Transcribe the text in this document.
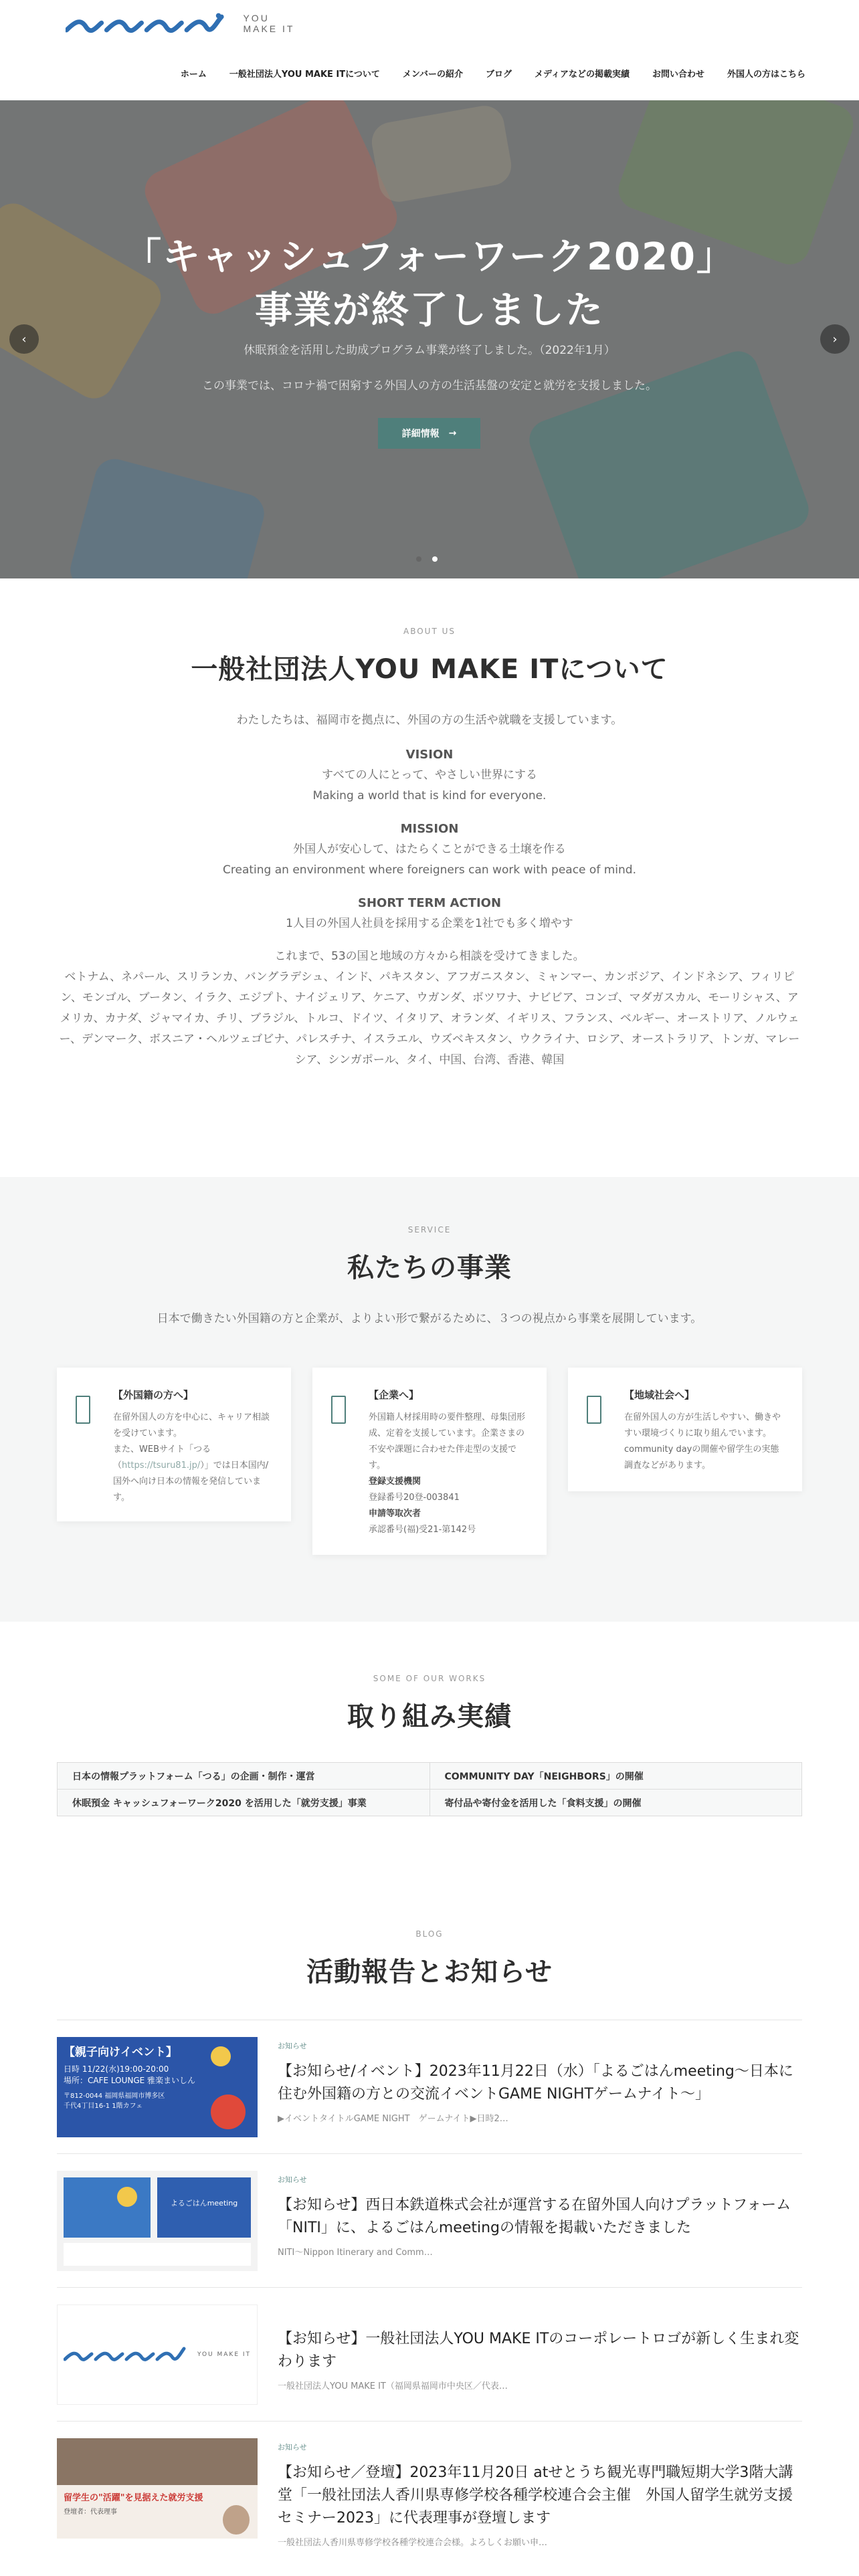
YOU MAKE IT
ホーム	一般社団法人YOU MAKE ITについて	メンバーの紹介	ブログ	メディアなどの掲載実績	お問い合わせ	外国人の方はこちら
「キャッシュフォーワーク2020」
事業が終了しました
休眠預金を活用した助成プログラム事業が終了しました。（2022年1月）
この事業では、コロナ禍で困窮する外国人の方の生活基盤の安定と就労を支援しました。
詳細情報 →
‹	›
ABOUT US
一般社団法人YOU MAKE ITについて
わたしたちは、福岡市を拠点に、外国の方の生活や就職を支援しています。
VISION
すべての人にとって、やさしい世界にする
Making a world that is kind for everyone.
MISSION
外国人が安心して、はたらくことができる土壌を作る
Creating an environment where foreigners can work with peace of mind.
SHORT TERM ACTION
1人目の外国人社員を採用する企業を1社でも多く増やす
これまで、53の国と地域の方々から相談を受けてきました。
ベトナム、ネパール、スリランカ、バングラデシュ、インド、パキスタン、アフガニスタン、ミャンマー、カンボジア、インドネシア、フィリピン、モンゴル、ブータン、イラク、エジプト、ナイジェリア、ケニア、ウガンダ、ボツワナ、ナビビア、コンゴ、マダガスカル、モーリシャス、アメリカ、カナダ、ジャマイカ、チリ、ブラジル、トルコ、ドイツ、イタリア、オランダ、イギリス、フランス、ベルギー、オーストリア、ノルウェー、デンマーク、ボスニア・ヘルツェゴビナ、パレスチナ、イスラエル、ウズベキスタン、ウクライナ、ロシア、オーストラリア、トンガ、マレーシア、シンガポール、タイ、中国、台湾、香港、韓国
SERVICE
私たちの事業
日本で働きたい外国籍の方と企業が、よりよい形で繋がるために、３つの視点から事業を展開しています。
【外国籍の方へ】
在留外国人の方を中心に、キャリア相談を受けています。
また、WEBサイト「つる（https://tsuru81.jp/）」では日本国内/国外へ向け日本の情報を発信しています。
【企業へ】
外国籍人材採用時の要件整理、母集団形成、定着を支援しています。企業さまの不安や課題に合わせた伴走型の支援です。
登録支援機関
登録番号20登-003841
申請等取次者
承認番号(福)受21-第142号
【地域社会へ】
在留外国人の方が生活しやすい、働きやすい環境づくりに取り組んでいます。community dayの開催や留学生の実態調査などがあります。
SOME OF OUR WORKS
取り組み実績
日本の情報プラットフォーム「つる」の企画・制作・運営	COMMUNITY DAY「NEIGHBORS」の開催
休眠預金 キャッシュフォーワーク2020 を活用した「就労支援」事業	寄付品や寄付金を活用した「食料支援」の開催
BLOG
活動報告とお知らせ
【親子向けイベント】
日時 11/22(水)19:00-20:00
場所：CAFE LOUNGE 雅楽まいしん
〒812-0044 福岡県福岡市博多区
千代4丁目16-1 1階カフェ
お知らせ
【お知らせ/イベント】2023年11月22日（水）「よるごはんmeeting〜日本に住む外国籍の方との交流イベントGAME NIGHTゲームナイト〜」
▶イベントタイトルGAME NIGHT　ゲームナイト▶日時2…
よるごはんmeeting
お知らせ
【お知らせ】西日本鉄道株式会社が運営する在留外国人向けプラットフォーム「NITI」に、よるごはんmeetingの情報を掲載いただきました
NITI〜Nippon Itinerary and Comm…
YOU MAKE IT
【お知らせ】一般社団法人YOU MAKE ITのコーポレートロゴが新しく生まれ変わります
一般社団法人YOU MAKE IT（福岡県福岡市中央区／代表…
留学生の"活躍"を見据えた就労支援
登壇者：代表理事
お知らせ
【お知らせ／登壇】2023年11月20日 atせとうち観光専門職短期大学3階大講堂「一般社団法人香川県専修学校各種学校連合会主催　外国人留学生就労支援セミナー2023」に代表理事が登壇します
一般社団法人香川県専修学校各種学校連合会様。よろしくお願い申…
